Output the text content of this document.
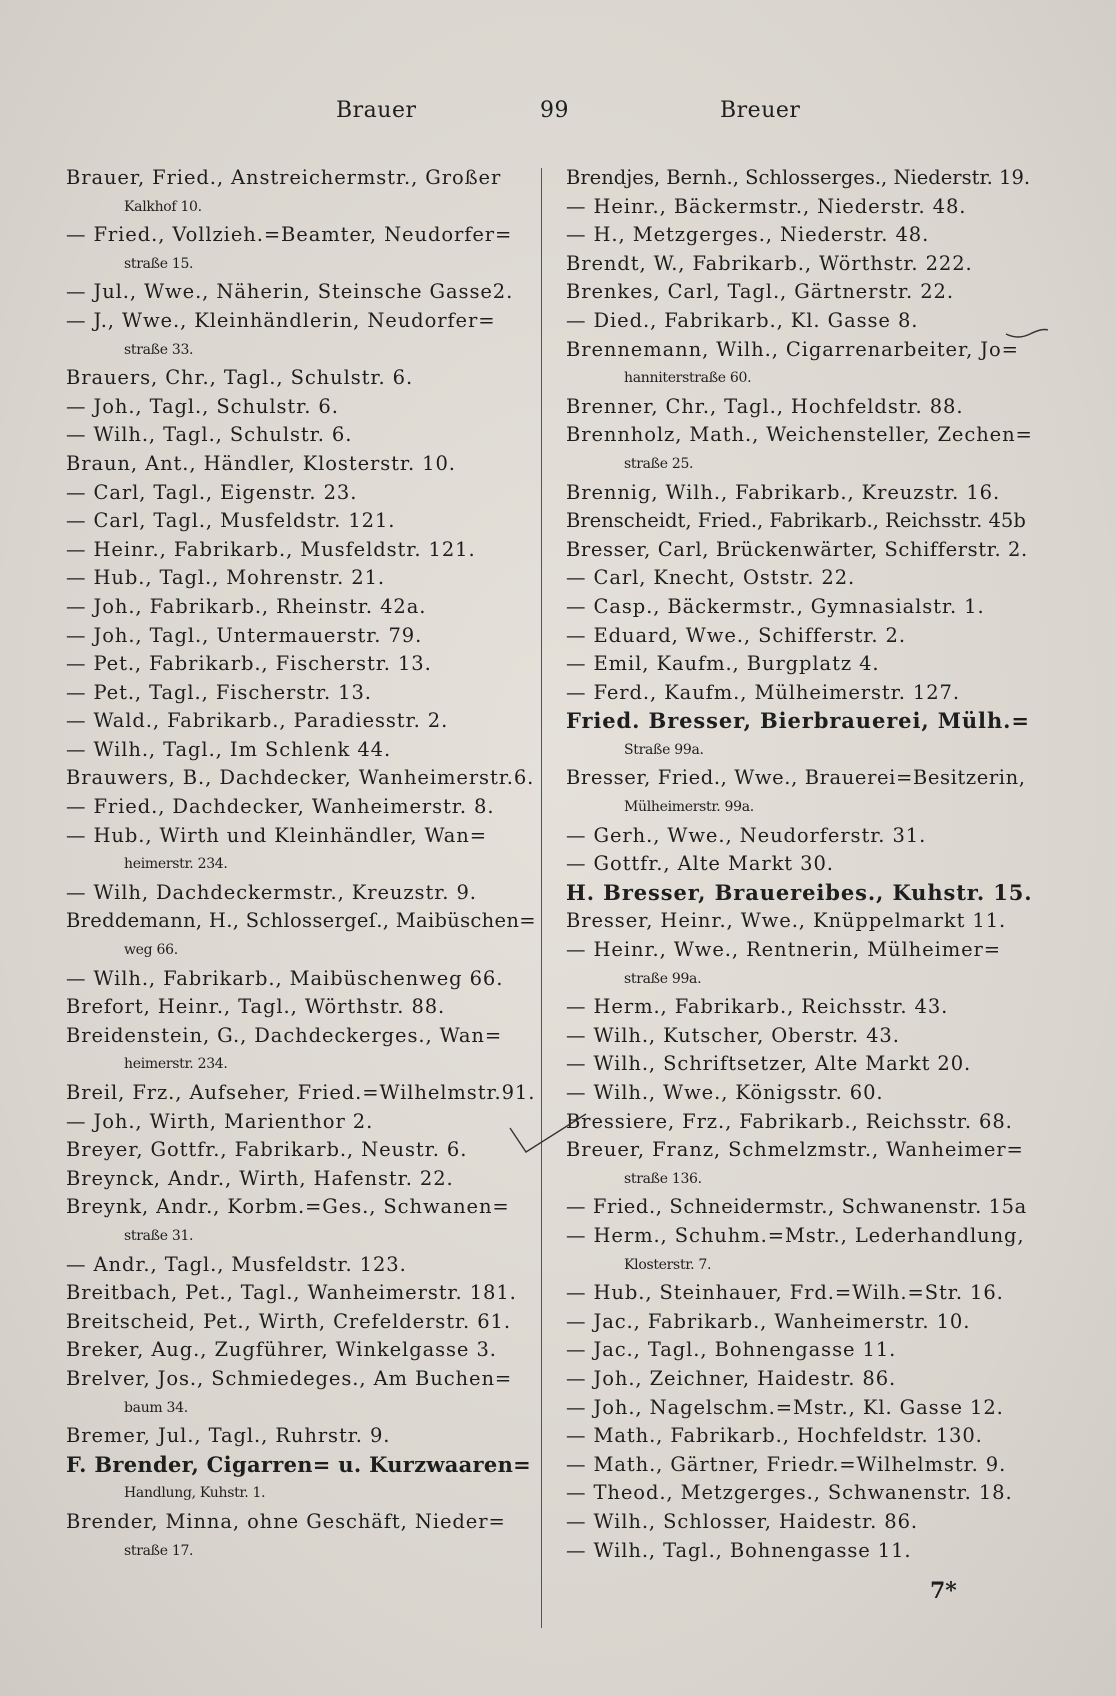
Brauer	99	Breuer
Brauer, Fried., Anstreichermstr., Großer
Kalkhof 10.
— Fried., Vollzieh.=Beamter, Neudorfer=
straße 15.
— Jul., Wwe., Näherin, Steinsche Gasse2.
— J., Wwe., Kleinhändlerin, Neudorfer=
straße 33.
Brauers, Chr., Tagl., Schulstr. 6.
— Joh., Tagl., Schulstr. 6.
— Wilh., Tagl., Schulstr. 6.
Braun, Ant., Händler, Klosterstr. 10.
— Carl, Tagl., Eigenstr. 23.
— Carl, Tagl., Musfeldstr. 121.
— Heinr., Fabrikarb., Musfeldstr. 121.
— Hub., Tagl., Mohrenstr. 21.
— Joh., Fabrikarb., Rheinstr. 42a.
— Joh., Tagl., Untermauerstr. 79.
— Pet., Fabrikarb., Fischerstr. 13.
— Pet., Tagl., Fischerstr. 13.
— Wald., Fabrikarb., Paradiesstr. 2.
— Wilh., Tagl., Im Schlenk 44.
Brauwers, B., Dachdecker, Wanheimerstr.6.
— Fried., Dachdecker, Wanheimerstr. 8.
— Hub., Wirth und Kleinhändler, Wan=
heimerstr. 234.
— Wilh, Dachdeckermstr., Kreuzstr. 9.
Breddemann, H., Schlossergeſ., Maibüschen=
weg 66.
— Wilh., Fabrikarb., Maibüschenweg 66.
Brefort, Heinr., Tagl., Wörthstr. 88.
Breidenstein, G., Dachdeckerges., Wan=
heimerstr. 234.
Breil, Frz., Aufseher, Fried.=Wilhelmstr.91.
— Joh., Wirth, Marienthor 2.
Breyer, Gottfr., Fabrikarb., Neustr. 6.
Breynck, Andr., Wirth, Hafenstr. 22.
Breynk, Andr., Korbm.=Ges., Schwanen=
straße 31.
— Andr., Tagl., Musfeldstr. 123.
Breitbach, Pet., Tagl., Wanheimerstr. 181.
Breitscheid, Pet., Wirth, Crefelderstr. 61.
Breker, Aug., Zugführer, Winkelgasse 3.
Brelver, Jos., Schmiedeges., Am Buchen=
baum 34.
Bremer, Jul., Tagl., Ruhrstr. 9.
F. Brender, Cigarren= u. Kurzwaaren=
Handlung, Kuhstr. 1.
Brender, Minna, ohne Geschäft, Nieder=
straße 17.
Brendjes, Bernh., Schlosserges., Niederstr. 19.
— Heinr., Bäckermstr., Niederstr. 48.
— H., Metzgerges., Niederstr. 48.
Brendt, W., Fabrikarb., Wörthstr. 222.
Brenkes, Carl, Tagl., Gärtnerstr. 22.
— Died., Fabrikarb., Kl. Gasse 8.
Brennemann, Wilh., Cigarrenarbeiter, Jo=
hanniterstraße 60.
Brenner, Chr., Tagl., Hochfeldstr. 88.
Brennholz, Math., Weichensteller, Zechen=
straße 25.
Brennig, Wilh., Fabrikarb., Kreuzstr. 16.
Brenscheidt, Fried., Fabrikarb., Reichsstr. 45b
Bresser, Carl, Brückenwärter, Schifferstr. 2.
— Carl, Knecht, Oststr. 22.
— Casp., Bäckermstr., Gymnasialstr. 1.
— Eduard, Wwe., Schifferstr. 2.
— Emil, Kaufm., Burgplatz 4.
— Ferd., Kaufm., Mülheimerstr. 127.
Fried. Bresser, Bierbrauerei, Mülh.=
Straße 99a.
Bresser, Fried., Wwe., Brauerei=Besitzerin,
Mülheimerstr. 99a.
— Gerh., Wwe., Neudorferstr. 31.
— Gottfr., Alte Markt 30.
H. Bresser, Brauereibes., Kuhstr. 15.
Bresser, Heinr., Wwe., Knüppelmarkt 11.
— Heinr., Wwe., Rentnerin, Mülheimer=
straße 99a.
— Herm., Fabrikarb., Reichsstr. 43.
— Wilh., Kutscher, Oberstr. 43.
— Wilh., Schriftsetzer, Alte Markt 20.
— Wilh., Wwe., Königsstr. 60.
Bressiere, Frz., Fabrikarb., Reichsstr. 68.
Breuer, Franz, Schmelzmstr., Wanheimer=
straße 136.
— Fried., Schneidermstr., Schwanenstr. 15a
— Herm., Schuhm.=Mstr., Lederhandlung,
Klosterstr. 7.
— Hub., Steinhauer, Frd.=Wilh.=Str. 16.
— Jac., Fabrikarb., Wanheimerstr. 10.
— Jac., Tagl., Bohnengasse 11.
— Joh., Zeichner, Haidestr. 86.
— Joh., Nagelschm.=Mstr., Kl. Gasse 12.
— Math., Fabrikarb., Hochfeldstr. 130.
— Math., Gärtner, Friedr.=Wilhelmstr. 9.
— Theod., Metzgerges., Schwanenstr. 18.
— Wilh., Schlosser, Haidestr. 86.
— Wilh., Tagl., Bohnengasse 11.
7*
